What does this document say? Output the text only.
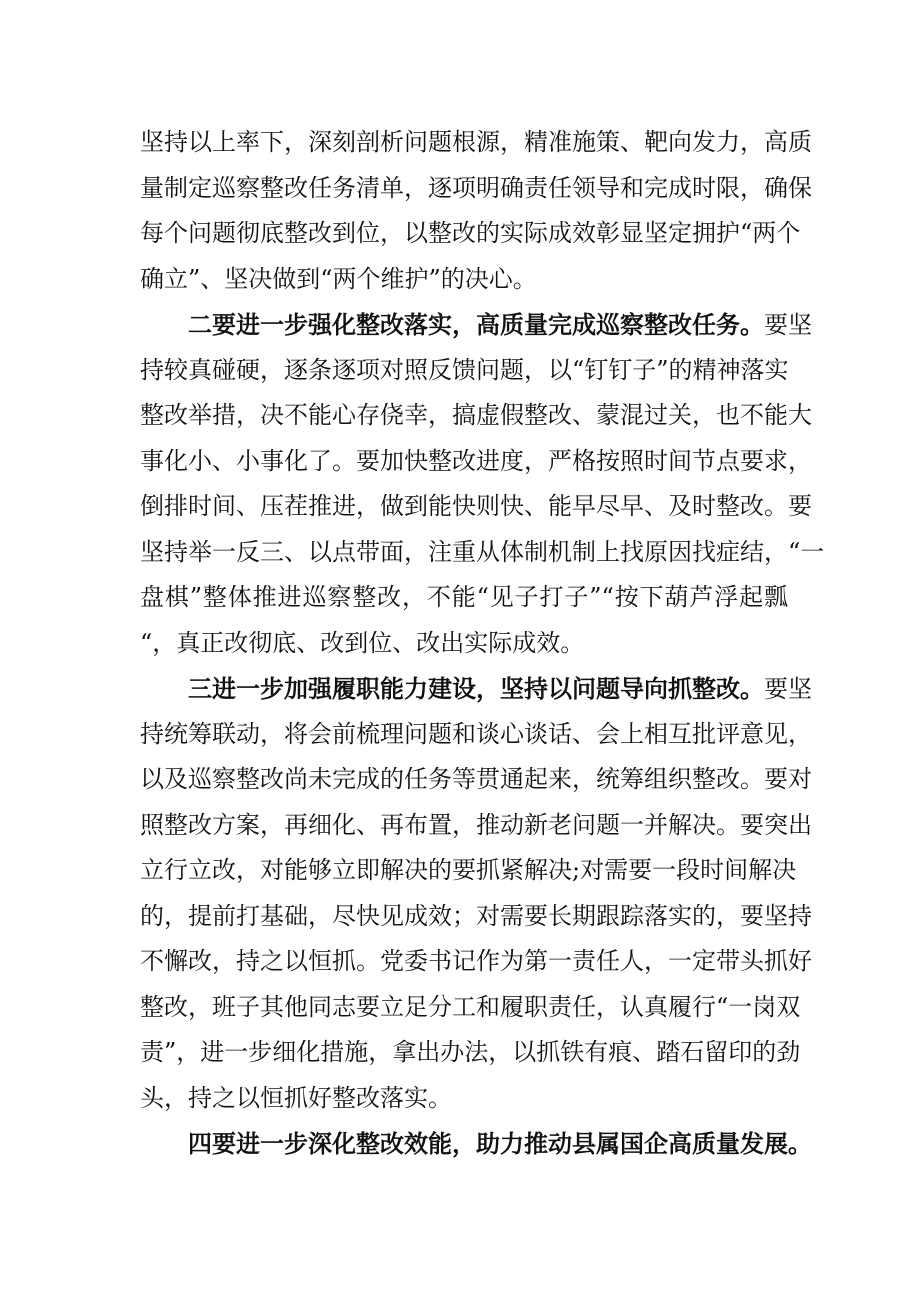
坚持以上率下，深刻剖析问题根源，精准施策、靶向发力，高质
量制定巡察整改任务清单，逐项明确责任领导和完成时限，确保
每个问题彻底整改到位，以整改的实际成效彰显坚定拥护“两个
确立”、坚决做到“两个维护”的决心。
二要进一步强化整改落实，高质量完成巡察整改任务。要坚
持较真碰硬，逐条逐项对照反馈问题，以“钉钉子”的精神落实
整改举措，决不能心存侥幸，搞虚假整改、蒙混过关，也不能大
事化小、小事化了。要加快整改进度，严格按照时间节点要求，
倒排时间、压茬推进，做到能快则快、能早尽早、及时整改。要
坚持举一反三、以点带面，注重从体制机制上找原因找症结，“一
盘棋”整体推进巡察整改，不能“见子打子”“按下葫芦浮起瓢
“，真正改彻底、改到位、改出实际成效。
三进一步加强履职能力建设，坚持以问题导向抓整改。要坚
持统筹联动，将会前梳理问题和谈心谈话、会上相互批评意见，
以及巡察整改尚未完成的任务等贯通起来，统筹组织整改。要对
照整改方案，再细化、再布置，推动新老问题一并解决。要突出
立行立改，对能够立即解决的要抓紧解决;对需要一段时间解决
的，提前打基础，尽快见成效；对需要长期跟踪落实的，要坚持
不懈改，持之以恒抓。党委书记作为第一责任人，一定带头抓好
整改，班子其他同志要立足分工和履职责任，认真履行“一岗双
责”，进一步细化措施，拿出办法，以抓铁有痕、踏石留印的劲
头，持之以恒抓好整改落实。
四要进一步深化整改效能，助力推动县属国企高质量发展。
